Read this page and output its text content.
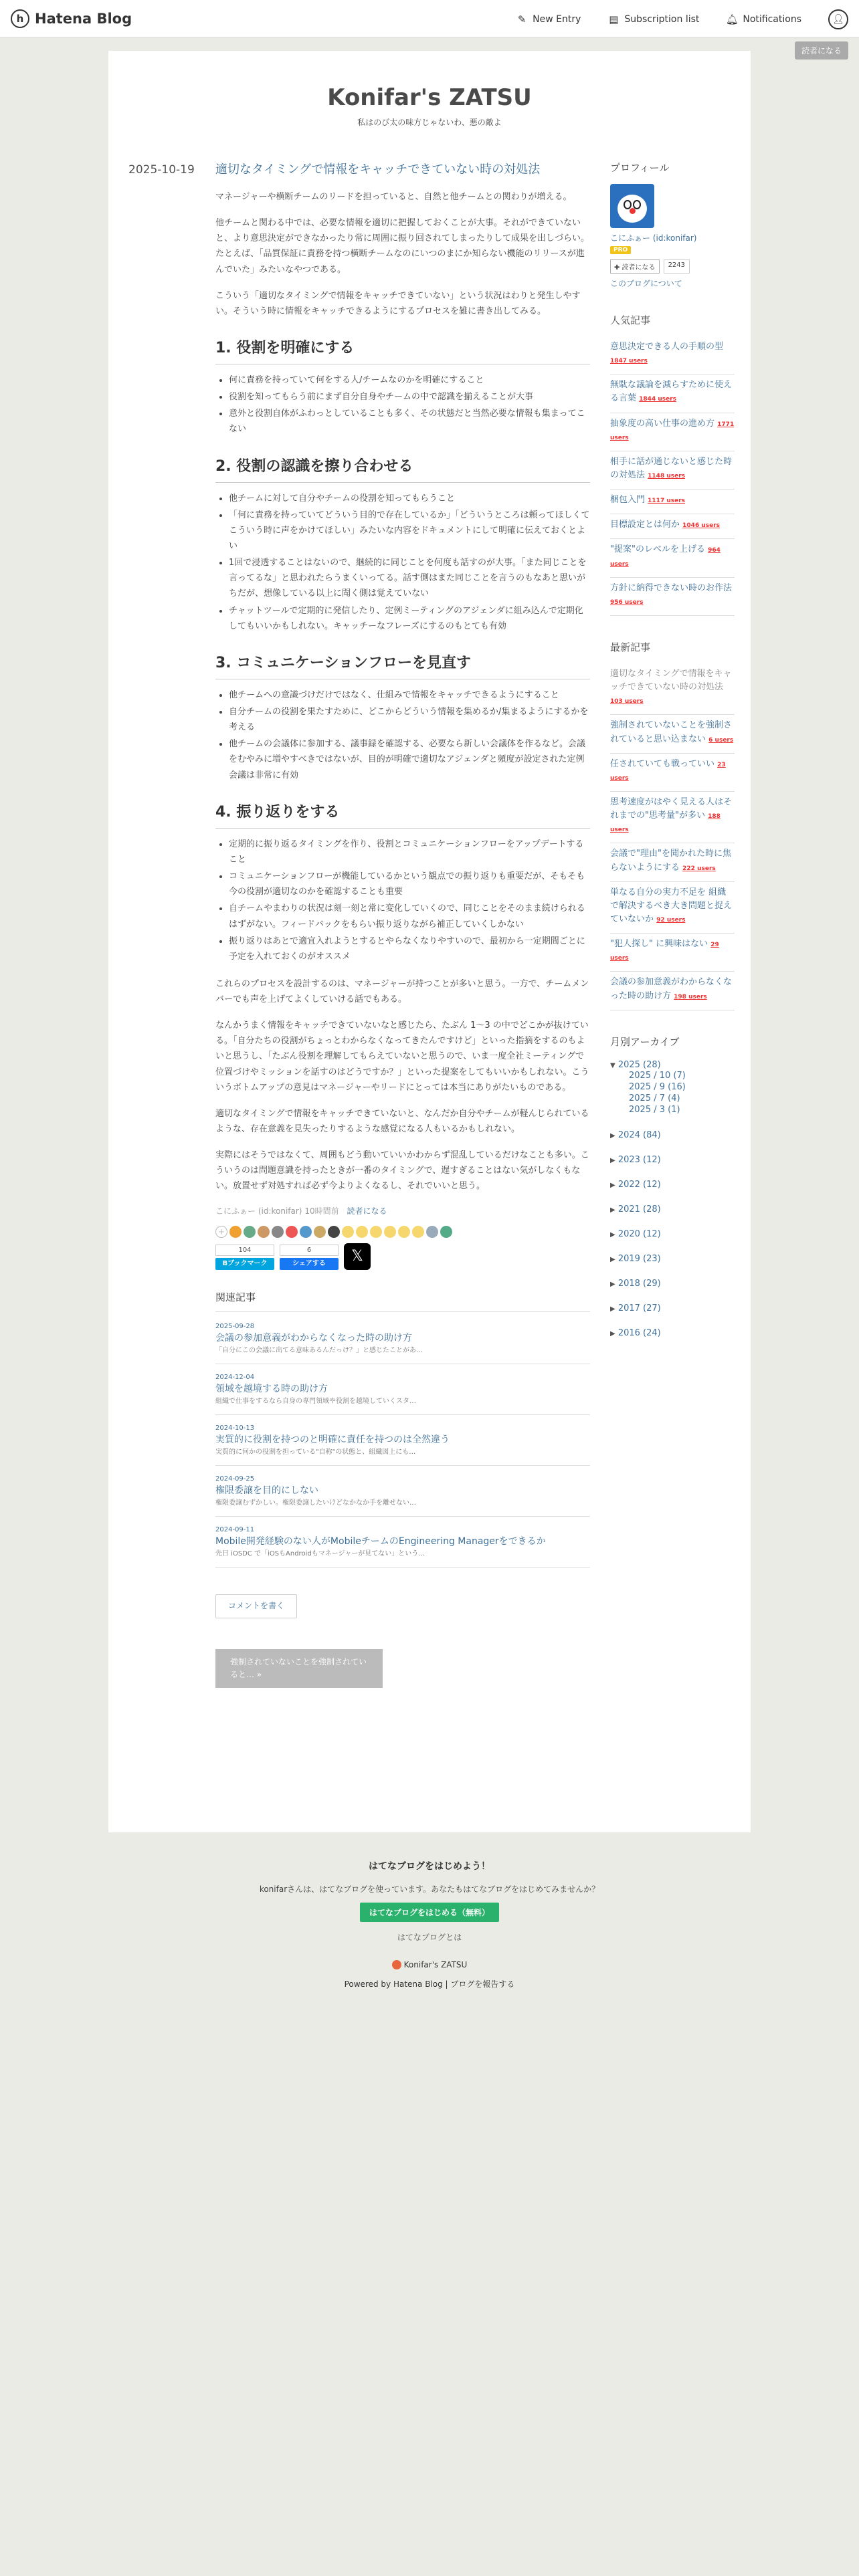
h Hatena Blog	✎ New Entry	▤ Subscription list	🔔︎ Notifications	👤︎
読者になる
Konifar's ZATSU
私はのび太の味方じゃないわ、悪の敵よ
2025-10-19 適切なタイミングで情報をキャッチできていない時の対処法

マネージャーや横断チームのリードを担っていると、自然と他チームとの関わりが増える。

他チームと関わる中では、必要な情報を適切に把握しておくことが大事。それができていないと、より意思決定ができなかったり常に周囲に振り回されてしまったりして成果を出しづらい。たとえば、「品質保証に責務を持つ横断チームなのにいつのまにか知らない機能のリリースが進んでいた」みたいなやつである。

こういう「適切なタイミングで情報をキャッチできていない」という状況はわりと発生しやすい。そういう時に情報をキャッチできるようにするプロセスを雑に書き出してみる。

1. 役割を明確にする
• 何に責務を持っていて何をする人/チームなのかを明確にすること
• 役割を知ってもらう前にまず自分自身やチームの中で認識を揃えることが大事
• 意外と役割自体がふわっとしていることも多く、その状態だと当然必要な情報も集まってこない
2. 役割の認識を擦り合わせる
• 他チームに対して自分やチームの役割を知ってもらうこと
• 「何に責務を持っていてどういう目的で存在しているか」「どういうところは頼ってほしくてこういう時に声をかけてほしい」みたいな内容をドキュメントにして明確に伝えておくとよい
• 1回で浸透することはないので、継続的に同じことを何度も話すのが大事。「また同じことを言ってるな」と思われたらうまくいってる。話す側はまた同じことを言うのもなあと思いがちだが、想像している以上に聞く側は覚えていない
• チャットツールで定期的に発信したり、定例ミーティングのアジェンダに組み込んで定期化してもいいかもしれない。キャッチーなフレーズにするのもとても有効
3. コミュニケーションフローを見直す
• 他チームへの意識づけだけではなく、仕組みで情報をキャッチできるようにすること
• 自分チームの役割を果たすために、どこからどういう情報を集めるか/集まるようにするかを考える
• 他チームの会議体に参加する、議事録を確認する、必要なら新しい会議体を作るなど。会議をむやみに増やすべきではないが、目的が明確で適切なアジェンダと頻度が設定された定例会議は非常に有効
4. 振り返りをする
• 定期的に振り返るタイミングを作り、役割とコミュニケーションフローをアップデートすること
• コミュニケーションフローが機能しているかという観点での振り返りも重要だが、そもそも今の役割が適切なのかを確認することも重要
• 自チームやまわりの状況は刻一刻と常に変化していくので、同じことをそのまま続けられるはずがない。フィードバックをもらい振り返りながら補正していくしかない
• 振り返りはあとで適宜入れようとするとやらなくなりやすいので、最初から一定期間ごとに予定を入れておくのがオススメ

これらのプロセスを設計するのは、マネージャーが持つことが多いと思う。一方で、チームメンバーでも声を上げてよくしていける話でもある。

なんかうまく情報をキャッチできていないなと感じたら、たぶん 1〜3 の中でどこかが抜けている。「自分たちの役割がちょっとわからなくなってきたんですけど」といった指摘をするのもよいと思うし、「たぶん役割を理解してもらえていないと思うので、いま一度全社ミーティングで位置づけやミッションを話すのはどうですか？」といった提案をしてもいいかもしれない。こういうボトムアップの意見はマネージャーやリードにとっては本当にありがたいものである。

適切なタイミングで情報をキャッチできていないと、なんだか自分やチームが軽んじられているような、存在意義を見失ったりするような感覚になる人もいるかもしれない。

実際にはそうではなくて、周囲もどう動いていいかわからず混乱しているだけなことも多い。こういうのは問題意識を持ったときが一番のタイミングで、遅すぎることはない気がしなくもない。放置せず対処すれば必ず今よりよくなるし、それでいいと思う。

こにふぁー (id:konifar) 10時間前 読者になる
+
104
Bブックマーク
6
シェアする	𝕏
関連記事
2025-09-28
会議の参加意義がわからなくなった時の助け方
「自分にこの会議に出てる意味あるんだっけ？」と感じたことがあ…
2024-12-04
領域を越境する時の助け方
組織で仕事をするなら自身の専門領域や役割を越境していくスタ…
2024-10-13
実質的に役割を持つのと明確に責任を持つのは全然違う
実質的に何かの役割を担っている"自称"の状態と、組織図上にも…
2024-09-25
権限委譲を目的にしない
権限委譲むずかしい。権限委譲したいけどなかなか手を離せない…
2024-09-11
Mobile開発経験のない人がMobileチームのEngineering Managerをできるか
先日 iOSDC で「iOSもAndroidもマネージャーが見てない」という…
コメントを書く
強制されていないことを強制されていると… »
プロフィール
こにふぁー (id:konifar)
PRO
✚ 読者になる	2243
このブログについて
人気記事
意思決定できる人の手順の型 1847 users
無駄な議論を減らすために使える言葉 1844 users
抽象度の高い仕事の進め方 1771 users
相手に話が通じないと感じた時の対処法 1148 users
梱包入門 1117 users
目標設定とは何か 1046 users
"提案"のレベルを上げる 964 users
方針に納得できない時のお作法 956 users
最新記事
適切なタイミングで情報をキャッチできていない時の対処法 103 users
強制されていないことを強制されていると思い込まない 6 users
任されていても戦っていい 23 users
思考速度がはやく見える人はそれまでの"思考量"が多い 188 users
会議で"理由"を聞かれた時に焦らないようにする 222 users
単なる自分の実力不足を 組織で解決するべき大き問題と捉えていないか 92 users
"犯人探し" に興味はない 29 users
会議の参加意義がわからなくなった時の助け方 198 users
月別アーカイブ
▼ 2025 (28)
2025 / 10 (7)
2025 / 9 (16)
2025 / 7 (4)
2025 / 3 (1)
▶ 2024 (84)
▶ 2023 (12)
▶ 2022 (12)
▶ 2021 (28)
▶ 2020 (12)
▶ 2019 (23)
▶ 2018 (29)
▶ 2017 (27)
▶ 2016 (24)
はてなブログをはじめよう！
konifarさんは、はてなブログを使っています。あなたもはてなブログをはじめてみませんか？
はてなブログをはじめる（無料）
はてなブログとは
Konifar's ZATSU
Powered by Hatena Blog | ブログを報告する
